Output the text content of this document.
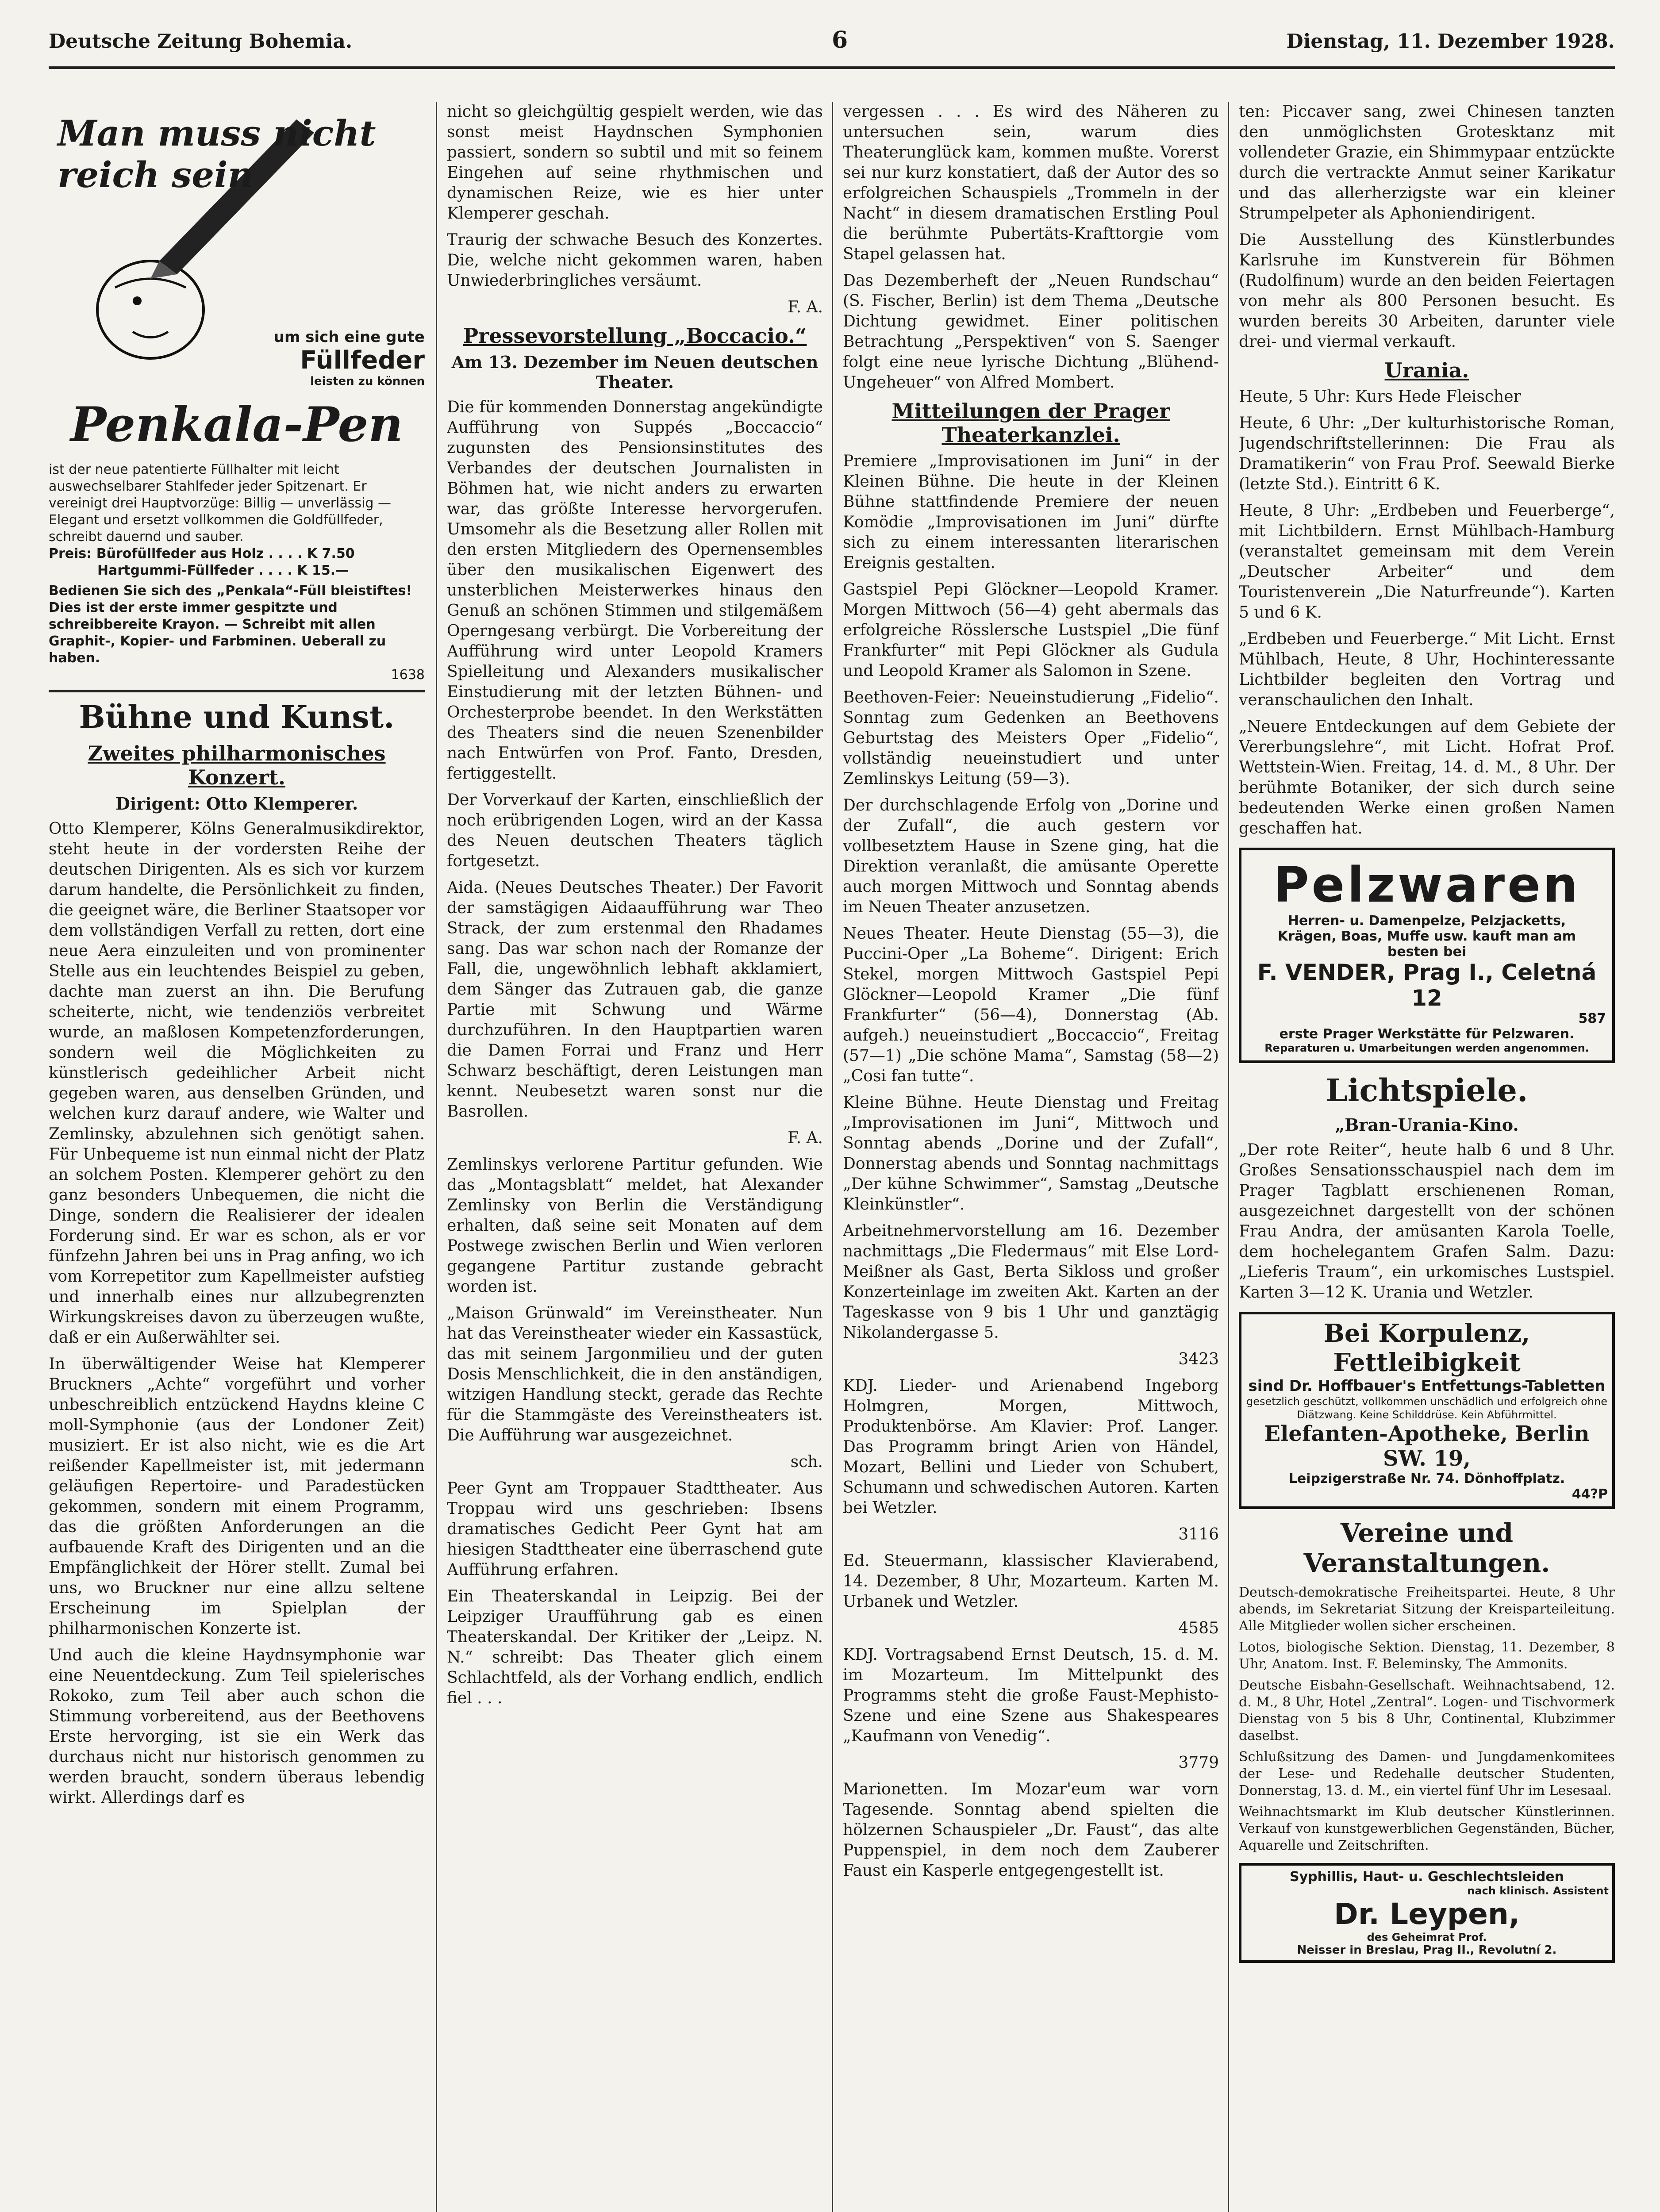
Deutsche Zeitung Bohemia.	6	Dienstag, 11. Dezember 1928.
Man muss nicht reich sein
um sich eine gute
Füllfeder
leisten zu können
Penkala-Pen
ist der neue patentierte Füllhalter mit leicht auswechselbarer Stahlfeder jeder Spitzenart. Er vereinigt drei Hauptvorzüge: Billig — unverlässig — Elegant und ersetzt vollkommen die Goldfüllfeder, schreibt dauernd und sauber.
Preis: Bürofüllfeder aus Holz . . . . K 7.50
Hartgummi-Füllfeder . . . . K 15.—
Bedienen Sie sich des „Penkala“-Füll bleistiftes! Dies ist der erste immer gespitzte und schreibbereite Krayon. — Schreibt mit allen Graphit-, Kopier- und Farbminen. Ueberall zu haben.
1638
Bühne und Kunst.
Zweites philharmonisches Konzert.
Dirigent: Otto Klemperer.

Otto Klemperer, Kölns Generalmusikdirektor, steht heute in der vordersten Reihe der deutschen Dirigenten. Als es sich vor kurzem darum handelte, die Persönlichkeit zu finden, die geeignet wäre, die Berliner Staatsoper vor dem vollständigen Verfall zu retten, dort eine neue Aera einzuleiten und von prominenter Stelle aus ein leuchtendes Beispiel zu geben, dachte man zuerst an ihn. Die Berufung scheiterte, nicht, wie tendenziös verbreitet wurde, an maßlosen Kompetenzforderungen, sondern weil die Möglichkeiten zu künstlerisch gedeihlicher Arbeit nicht gegeben waren, aus denselben Gründen, und welchen kurz darauf andere, wie Walter und Zemlinsky, abzulehnen sich genötigt sahen. Für Unbequeme ist nun einmal nicht der Platz an solchem Posten. Klemperer gehört zu den ganz besonders Unbequemen, die nicht die Dinge, sondern die Realisierer der idealen Forderung sind. Er war es schon, als er vor fünfzehn Jahren bei uns in Prag anfing, wo ich vom Korrepetitor zum Kapellmeister aufstieg und innerhalb eines nur allzubegrenzten Wirkungskreises davon zu überzeugen wußte, daß er ein Außerwählter sei.

In überwältigender Weise hat Klemperer Bruckners „Achte“ vorgeführt und vorher unbeschreiblich entzückend Haydns kleine C moll-Symphonie (aus der Londoner Zeit) musiziert. Er ist also nicht, wie es die Art reißender Kapellmeister ist, mit jedermann geläufigen Repertoire- und Paradestücken gekommen, sondern mit einem Programm, das die größten Anforderungen an die aufbauende Kraft des Dirigenten und an die Empfänglichkeit der Hörer stellt. Zumal bei uns, wo Bruckner nur eine allzu seltene Erscheinung im Spielplan der philharmonischen Konzerte ist.

Und auch die kleine Haydnsymphonie war eine Neuentdeckung. Zum Teil spielerisches Rokoko, zum Teil aber auch schon die Stimmung vorbereitend, aus der Beethovens Erste hervorging, ist sie ein Werk das durchaus nicht nur historisch genommen zu werden braucht, sondern überaus lebendig wirkt. Allerdings darf es

nicht so gleichgültig gespielt werden, wie das sonst meist Haydnschen Symphonien passiert, sondern so subtil und mit so feinem Eingehen auf seine rhythmischen und dynamischen Reize, wie es hier unter Klemperer geschah.

Traurig der schwache Besuch des Konzertes. Die, welche nicht gekommen waren, haben Unwiederbringliches versäumt.

F. A.

Pressevorstellung „Boccacio.“
Am 13. Dezember im Neuen deutschen Theater.

Die für kommenden Donnerstag angekündigte Aufführung von Suppés „Boccaccio“ zugunsten des Pensionsinstitutes des Verbandes der deutschen Journalisten in Böhmen hat, wie nicht anders zu erwarten war, das größte Interesse hervorgerufen. Umsomehr als die Besetzung aller Rollen mit den ersten Mitgliedern des Opernensembles über den musikalischen Eigenwert des unsterblichen Meisterwerkes hinaus den Genuß an schönen Stimmen und stilgemäßem Operngesang verbürgt. Die Vorbereitung der Aufführung wird unter Leopold Kramers Spielleitung und Alexanders musikalischer Einstudierung mit der letzten Bühnen- und Orchesterprobe beendet. In den Werkstätten des Theaters sind die neuen Szenenbilder nach Entwürfen von Prof. Fanto, Dresden, fertiggestellt.

Der Vorverkauf der Karten, einschließlich der noch erübrigenden Logen, wird an der Kassa des Neuen deutschen Theaters täglich fortgesetzt.

Aida. (Neues Deutsches Theater.) Der Favorit der samstägigen Aidaaufführung war Theo Strack, der zum erstenmal den Rhadames sang. Das war schon nach der Romanze der Fall, die, ungewöhnlich lebhaft akklamiert, dem Sänger das Zutrauen gab, die ganze Partie mit Schwung und Wärme durchzuführen. In den Hauptpartien waren die Damen Forrai und Franz und Herr Schwarz beschäftigt, deren Leistungen man kennt. Neubesetzt waren sonst nur die Basrollen.

F. A.

Zemlinskys verlorene Partitur gefunden. Wie das „Montagsblatt“ meldet, hat Alexander Zemlinsky von Berlin die Verständigung erhalten, daß seine seit Monaten auf dem Postwege zwischen Berlin und Wien verloren gegangene Partitur zustande gebracht worden ist.

„Maison Grünwald“ im Vereinstheater. Nun hat das Vereinstheater wieder ein Kassastück, das mit seinem Jargonmilieu und der guten Dosis Menschlichkeit, die in den anständigen, witzigen Handlung steckt, gerade das Rechte für die Stammgäste des Vereinstheaters ist. Die Aufführung war ausgezeichnet.

sch.

Peer Gynt am Troppauer Stadttheater. Aus Troppau wird uns geschrieben: Ibsens dramatisches Gedicht Peer Gynt hat am hiesigen Stadttheater eine überraschend gute Aufführung erfahren.

Ein Theaterskandal in Leipzig. Bei der Leipziger Uraufführung gab es einen Theaterskandal. Der Kritiker der „Leipz. N. N.“ schreibt: Das Theater glich einem Schlachtfeld, als der Vorhang endlich, endlich fiel . . .

vergessen . . . Es wird des Näheren zu untersuchen sein, warum dies Theaterunglück kam, kommen mußte. Vorerst sei nur kurz konstatiert, daß der Autor des so erfolgreichen Schauspiels „Trommeln in der Nacht“ in diesem dramatischen Erstling Poul die berühmte Pubertäts-Krafttorgie vom Stapel gelassen hat.

Das Dezemberheft der „Neuen Rundschau“ (S. Fischer, Berlin) ist dem Thema „Deutsche Dichtung gewidmet. Einer politischen Betrachtung „Perspektiven“ von S. Saenger folgt eine neue lyrische Dichtung „Blühend-Ungeheuer“ von Alfred Mombert.

Mitteilungen der Prager Theaterkanzlei.

Premiere „Improvisationen im Juni“ in der Kleinen Bühne. Die heute in der Kleinen Bühne stattfindende Premiere der neuen Komödie „Improvisationen im Juni“ dürfte sich zu einem interessanten literarischen Ereignis gestalten.

Gastspiel Pepi Glöckner—Leopold Kramer. Morgen Mittwoch (56—4) geht abermals das erfolgreiche Rösslersche Lustspiel „Die fünf Frankfurter“ mit Pepi Glöckner als Gudula und Leopold Kramer als Salomon in Szene.

Beethoven-Feier: Neueinstudierung „Fidelio“. Sonntag zum Gedenken an Beethovens Geburtstag des Meisters Oper „Fidelio“, vollständig neueinstudiert und unter Zemlinskys Leitung (59—3).

Der durchschlagende Erfolg von „Dorine und der Zufall“, die auch gestern vor vollbesetztem Hause in Szene ging, hat die Direktion veranlaßt, die amüsante Operette auch morgen Mittwoch und Sonntag abends im Neuen Theater anzusetzen.

Neues Theater. Heute Dienstag (55—3), die Puccini-Oper „La Boheme“. Dirigent: Erich Stekel, morgen Mittwoch Gastspiel Pepi Glöckner—Leopold Kramer „Die fünf Frankfurter“ (56—4), Donnerstag (Ab. aufgeh.) neueinstudiert „Boccaccio“, Freitag (57—1) „Die schöne Mama“, Samstag (58—2) „Cosi fan tutte“.

Kleine Bühne. Heute Dienstag und Freitag „Improvisationen im Juni“, Mittwoch und Sonntag abends „Dorine und der Zufall“, Donnerstag abends und Sonntag nachmittags „Der kühne Schwimmer“, Samstag „Deutsche Kleinkünstler“.

Arbeitnehmervorstellung am 16. Dezember nachmittags „Die Fledermaus“ mit Else Lord-Meißner als Gast, Berta Sikloss und großer Konzerteinlage im zweiten Akt. Karten an der Tageskasse von 9 bis 1 Uhr und ganztägig Nikolandergasse 5.

3423

KDJ. Lieder- und Arienabend Ingeborg Holmgren, Morgen, Mittwoch, Produktenbörse. Am Klavier: Prof. Langer. Das Programm bringt Arien von Händel, Mozart, Bellini und Lieder von Schubert, Schumann und schwedischen Autoren. Karten bei Wetzler.

3116

Ed. Steuermann, klassischer Klavierabend, 14. Dezember, 8 Uhr, Mozarteum. Karten M. Urbanek und Wetzler.

4585

KDJ. Vortragsabend Ernst Deutsch, 15. d. M. im Mozarteum. Im Mittelpunkt des Programms steht die große Faust-Mephisto-Szene und eine Szene aus Shakespeares „Kaufmann von Venedig“.

3779

Marionetten. Im Mozar'eum war vorn Tagesende. Sonntag abend spielten die hölzernen Schauspieler „Dr. Faust“, das alte Puppenspiel, in dem noch dem Zauberer Faust ein Kasperle entgegengestellt ist.

ten: Piccaver sang, zwei Chinesen tanzten den unmöglichsten Grotesktanz mit vollendeter Grazie, ein Shimmypaar entzückte durch die vertrackte Anmut seiner Karikatur und das allerherzigste war ein kleiner Strumpelpeter als Aphoniendirigent.

Die Ausstellung des Künstlerbundes Karlsruhe im Kunstverein für Böhmen (Rudolfinum) wurde an den beiden Feiertagen von mehr als 800 Personen besucht. Es wurden bereits 30 Arbeiten, darunter viele drei- und viermal verkauft.

Urania.

Heute, 5 Uhr: Kurs Hede Fleischer

Heute, 6 Uhr: „Der kulturhistorische Roman, Jugendschriftstellerinnen: Die Frau als Dramatikerin“ von Frau Prof. Seewald Bierke (letzte Std.). Eintritt 6 K.

Heute, 8 Uhr: „Erdbeben und Feuerberge“, mit Lichtbildern. Ernst Mühlbach-Hamburg (veranstaltet gemeinsam mit dem Verein „Deutscher Arbeiter“ und dem Touristenverein „Die Naturfreunde“). Karten 5 und 6 K.

„Erdbeben und Feuerberge.“ Mit Licht. Ernst Mühlbach, Heute, 8 Uhr, Hochinteressante Lichtbilder begleiten den Vortrag und veranschaulichen den Inhalt.

„Neuere Entdeckungen auf dem Gebiete der Vererbungslehre“, mit Licht. Hofrat Prof. Wettstein-Wien. Freitag, 14. d. M., 8 Uhr. Der berühmte Botaniker, der sich durch seine bedeutenden Werke einen großen Namen geschaffen hat.

Pelzwaren
Herren- u. Damenpelze, Pelzjacketts,
Krägen, Boas, Muffe usw. kauft man am
besten bei
F. VENDER, Prag I., Celetná 12
587
erste Prager Werkstätte für Pelzwaren.
Reparaturen u. Umarbeitungen werden angenommen.
Lichtspiele.
„Bran-Urania-Kino.

„Der rote Reiter“, heute halb 6 und 8 Uhr. Großes Sensationsschauspiel nach dem im Prager Tagblatt erschienenen Roman, ausgezeichnet dargestellt von der schönen Frau Andra, der amüsanten Karola Toelle, dem hochelegantem Grafen Salm. Dazu: „Lieferis Traum“, ein urkomisches Lustspiel. Karten 3—12 K. Urania und Wetzler.

Bei Korpulenz, Fettleibigkeit
sind Dr. Hoffbauer's Entfettungs-Tabletten
gesetzlich geschützt, vollkommen unschädlich und erfolgreich ohne Diätzwang. Keine Schilddrüse. Kein Abführmittel.
Elefanten-Apotheke, Berlin SW. 19,
Leipzigerstraße Nr. 74. Dönhoffplatz.
44?P
Vereine und Veranstaltungen.

Deutsch-demokratische Freiheitspartei. Heute, 8 Uhr abends, im Sekretariat Sitzung der Kreisparteileitung. Alle Mitglieder wollen sicher erscheinen.

Lotos, biologische Sektion. Dienstag, 11. Dezember, 8 Uhr, Anatom. Inst. F. Beleminsky, The Ammonits.

Deutsche Eisbahn-Gesellschaft. Weihnachtsabend, 12. d. M., 8 Uhr, Hotel „Zentral“. Logen- und Tischvormerk Dienstag von 5 bis 8 Uhr, Continental, Klubzimmer daselbst.

Schlußsitzung des Damen- und Jungdamenkomitees der Lese- und Redehalle deutscher Studenten, Donnerstag, 13. d. M., ein viertel fünf Uhr im Lesesaal.

Weihnachtsmarkt im Klub deutscher Künstlerinnen. Verkauf von kunstgewerblichen Gegenständen, Bücher, Aquarelle und Zeitschriften.

Syphillis, Haut- u. Geschlechtsleiden
nach klinisch. Assistent
Dr. Leypen,
des Geheimrat Prof.
Neisser in Breslau, Prag II., Revolutní 2.
